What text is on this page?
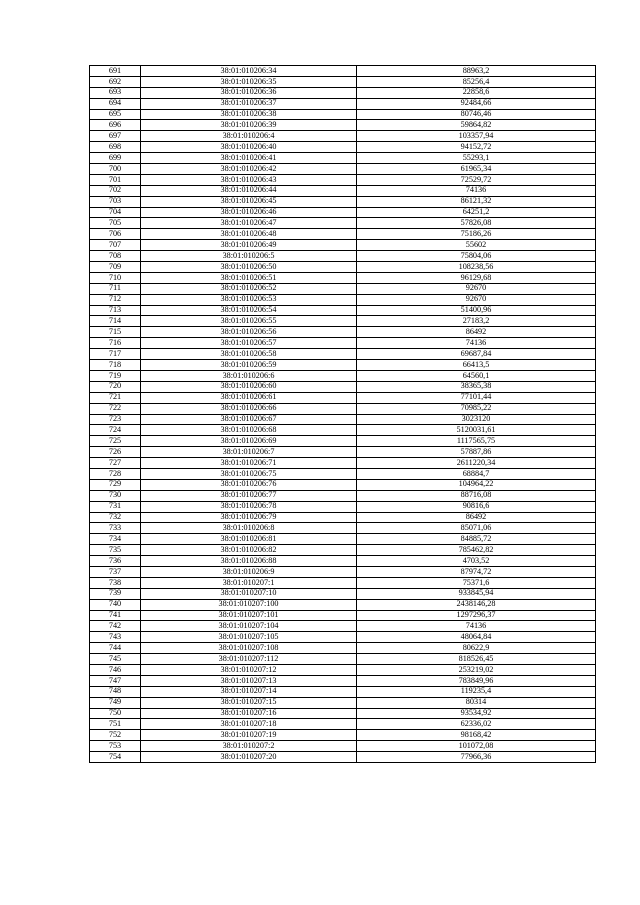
691	38:01:010206:34	88963,2
692	38:01:010206:35	85256,4
693	38:01:010206:36	22858,6
694	38:01:010206:37	92484,66
695	38:01:010206:38	80746,46
696	38:01:010206:39	59864,82
697	38:01:010206:4	103357,94
698	38:01:010206:40	94152,72
699	38:01:010206:41	55293,1
700	38:01:010206:42	61965,34
701	38:01:010206:43	72529,72
702	38:01:010206:44	74136
703	38:01:010206:45	86121,32
704	38:01:010206:46	64251,2
705	38:01:010206:47	57826,08
706	38:01:010206:48	75186,26
707	38:01:010206:49	55602
708	38:01:010206:5	75804,06
709	38:01:010206:50	108238,56
710	38:01:010206:51	96129,68
711	38:01:010206:52	92670
712	38:01:010206:53	92670
713	38:01:010206:54	51400,96
714	38:01:010206:55	27183,2
715	38:01:010206:56	86492
716	38:01:010206:57	74136
717	38:01:010206:58	69687,84
718	38:01:010206:59	66413,5
719	38:01:010206:6	64560,1
720	38:01:010206:60	38365,38
721	38:01:010206:61	77101,44
722	38:01:010206:66	70985,22
723	38:01:010206:67	3023120
724	38:01:010206:68	5120031,61
725	38:01:010206:69	1117565,75
726	38:01:010206:7	57887,86
727	38:01:010206:71	2611220,34
728	38:01:010206:75	68884,7
729	38:01:010206:76	104964,22
730	38:01:010206:77	88716,08
731	38:01:010206:78	90816,6
732	38:01:010206:79	86492
733	38:01:010206:8	85071,06
734	38:01:010206:81	84885,72
735	38:01:010206:82	785462,82
736	38:01:010206:88	4703,52
737	38:01:010206:9	87974,72
738	38:01:010207:1	75371,6
739	38:01:010207:10	933845,94
740	38:01:010207:100	2438146,28
741	38:01:010207:101	1297296,37
742	38:01:010207:104	74136
743	38:01:010207:105	48064,84
744	38:01:010207:108	80622,9
745	38:01:010207:112	818526,45
746	38:01:010207:12	253219,02
747	38:01:010207:13	783849,96
748	38:01:010207:14	119235,4
749	38:01:010207:15	80314
750	38:01:010207:16	93534,92
751	38:01:010207:18	62336,02
752	38:01:010207:19	98168,42
753	38:01:010207:2	101072,08
754	38:01:010207:20	77966,36
